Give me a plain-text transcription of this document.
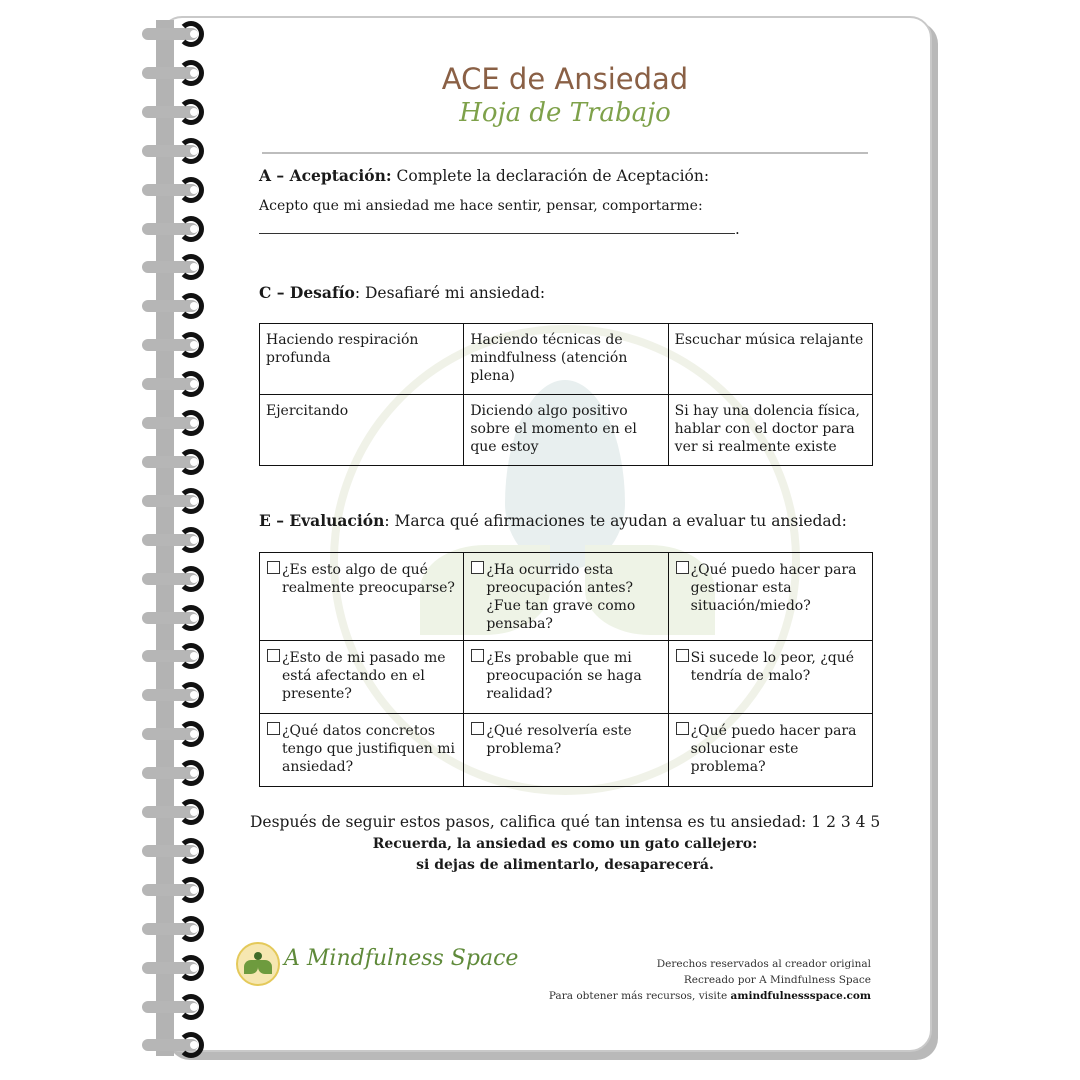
ACE de Ansiedad
Hoja de Trabajo
A – Aceptación: Complete la declaración de Aceptación:
Acepto que mi ansiedad me hace sentir, pensar, comportarme:
.
C – Desafío: Desafiaré mi ansiedad:
Haciendo respiración profunda	Haciendo técnicas de mindfulness (atención plena)	Escuchar música relajante
Ejercitando	Diciendo algo positivo sobre el momento en el que estoy	Si hay una dolencia física, hablar con el doctor para ver si realmente existe
E – Evaluación: Marca qué afirmaciones te ayudan a evaluar tu ansiedad:
¿Es esto algo de qué realmente preocuparse?	¿Ha ocurrido esta preocupación antes? ¿Fue tan grave como pensaba?	¿Qué puedo hacer para gestionar esta situación/miedo?

¿Esto de mi pasado me está afectando en el presente?	¿Es probable que mi preocupación se haga realidad?	Si sucede lo peor, ¿qué tendría de malo?

¿Qué datos concretos tengo que justifiquen mi ansiedad?	¿Qué resolvería este problema?	¿Qué puedo hacer para solucionar este problema?
Después de seguir estos pasos, califica qué tan intensa es tu ansiedad: 1 2 3 4 5
Recuerda, la ansiedad es como un gato callejero:
si dejas de alimentarlo, desaparecerá.
A Mindfulness Space	Derechos reservados al creador original
Recreado por A Mindfulness Space
Para obtener más recursos, visite amindfulnessspace.com
